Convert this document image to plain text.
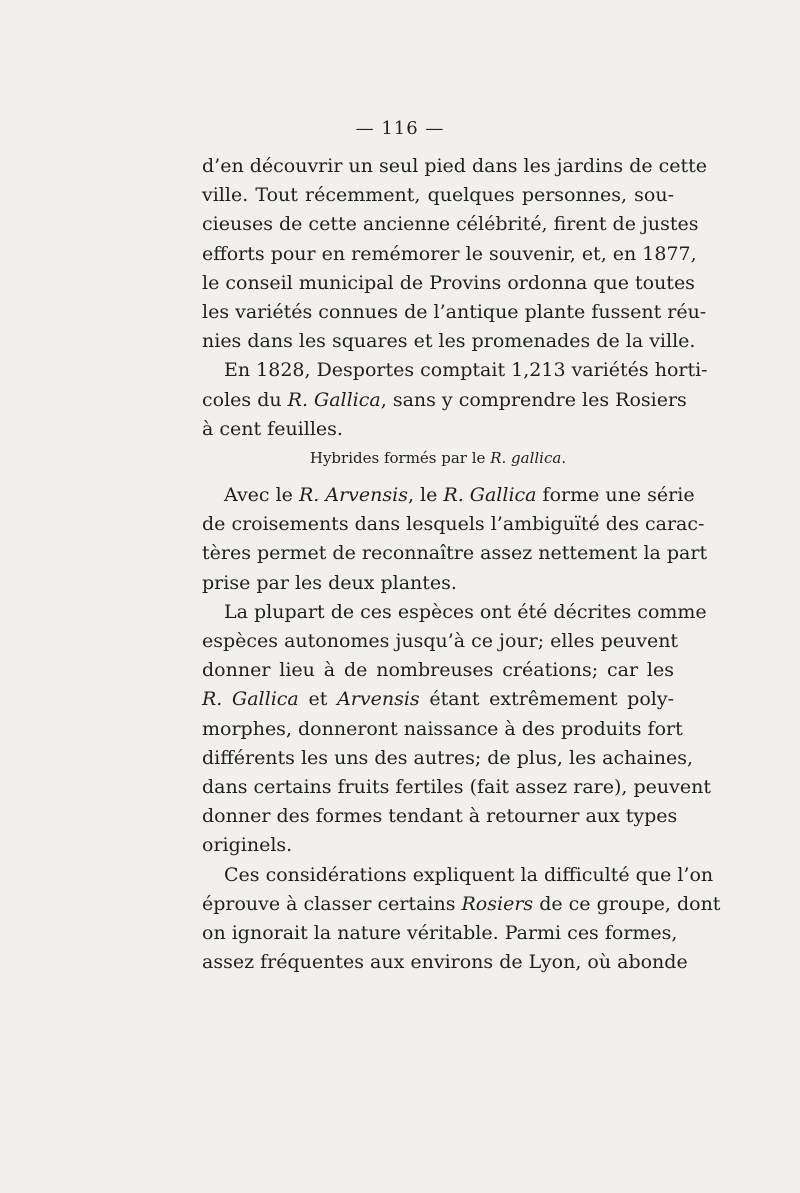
— 116 —
d’en découvrir un seul pied dans les jardins de cette
ville. Tout récemment, quelques personnes, sou-
cieuses de cette ancienne célébrité, firent de justes
efforts pour en remémorer le souvenir, et, en 1877,
le conseil municipal de Provins ordonna que toutes
les variétés connues de l’antique plante fussent réu-
nies dans les squares et les promenades de la ville.
En 1828, Desportes comptait 1,213 variétés horti-
coles du R. Gallica, sans y comprendre les Rosiers
à cent feuilles.
Hybrides formés par le R. gallica.
Avec le R. Arvensis, le R. Gallica forme une série
de croisements dans lesquels l’ambiguïté des carac-
tères permet de reconnaître assez nettement la part
prise par les deux plantes.
La plupart de ces espèces ont été décrites comme
espèces autonomes jusqu’à ce jour; elles peuvent
donner lieu à de nombreuses créations; car les
R. Gallica et Arvensis étant extrêmement poly-
morphes, donneront naissance à des produits fort
différents les uns des autres; de plus, les achaines,
dans certains fruits fertiles (fait assez rare), peuvent
donner des formes tendant à retourner aux types
originels.
Ces considérations expliquent la difficulté que l’on
éprouve à classer certains Rosiers de ce groupe, dont
on ignorait la nature véritable. Parmi ces formes,
assez fréquentes aux environs de Lyon, où abonde
